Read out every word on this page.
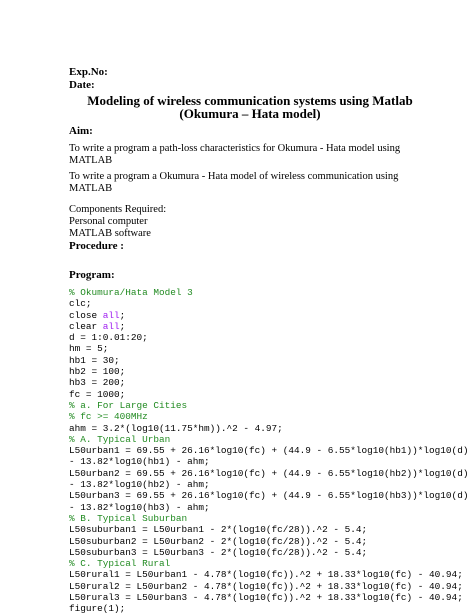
Exp.No:
Date:
Modeling of wireless communication systems using Matlab (Okumura – Hata model)
Aim:
To write a program a path-loss characteristics for Okumura - Hata model using
MATLAB
To write a program a Okumura - Hata model of wireless communication using
MATLAB
Components Required:
Personal computer
MATLAB software
Procedure :
Program:
% Okumura/Hata Model 3
clc;
close all;
clear all;
d = 1:0.01:20;
hm = 5;
hb1 = 30;
hb2 = 100;
hb3 = 200;
fc = 1000;
% a. For Large Cities
% fc >= 400MHz
ahm = 3.2*(log10(11.75*hm)).^2 - 4.97;
% A. Typical Urban
L50urban1 = 69.55 + 26.16*log10(fc) + (44.9 - 6.55*log10(hb1))*log10(d)
- 13.82*log10(hb1) - ahm;
L50urban2 = 69.55 + 26.16*log10(fc) + (44.9 - 6.55*log10(hb2))*log10(d)
- 13.82*log10(hb2) - ahm;
L50urban3 = 69.55 + 26.16*log10(fc) + (44.9 - 6.55*log10(hb3))*log10(d)
- 13.82*log10(hb3) - ahm;
% B. Typical Suburban
L50suburban1 = L50urban1 - 2*(log10(fc/28)).^2 - 5.4;
L50suburban2 = L50urban2 - 2*(log10(fc/28)).^2 - 5.4;
L50suburban3 = L50urban3 - 2*(log10(fc/28)).^2 - 5.4;
% C. Typical Rural
L50rural1 = L50urban1 - 4.78*(log10(fc)).^2 + 18.33*log10(fc) - 40.94;
L50rural2 = L50urban2 - 4.78*(log10(fc)).^2 + 18.33*log10(fc) - 40.94;
L50rural3 = L50urban3 - 4.78*(log10(fc)).^2 + 18.33*log10(fc) - 40.94;
figure(1);
